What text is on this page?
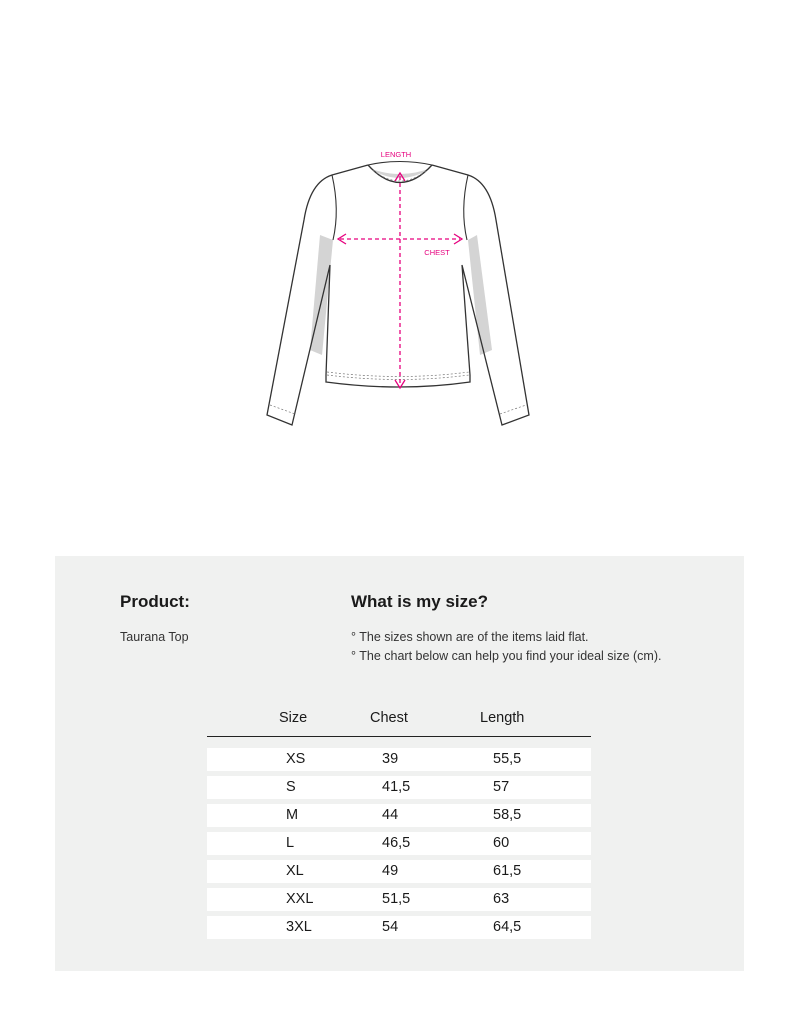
LENGTH
CHEST
Product:
Taurana Top
What is my size?
° The sizes shown are of the items laid flat.
° The chart below can help you find your ideal size (cm).
Size	Chest	Length
XS	39	55,5
S	41,5	57
M	44	58,5
L	46,5	60
XL	49	61,5
XXL	51,5	63
3XL	54	64,5
